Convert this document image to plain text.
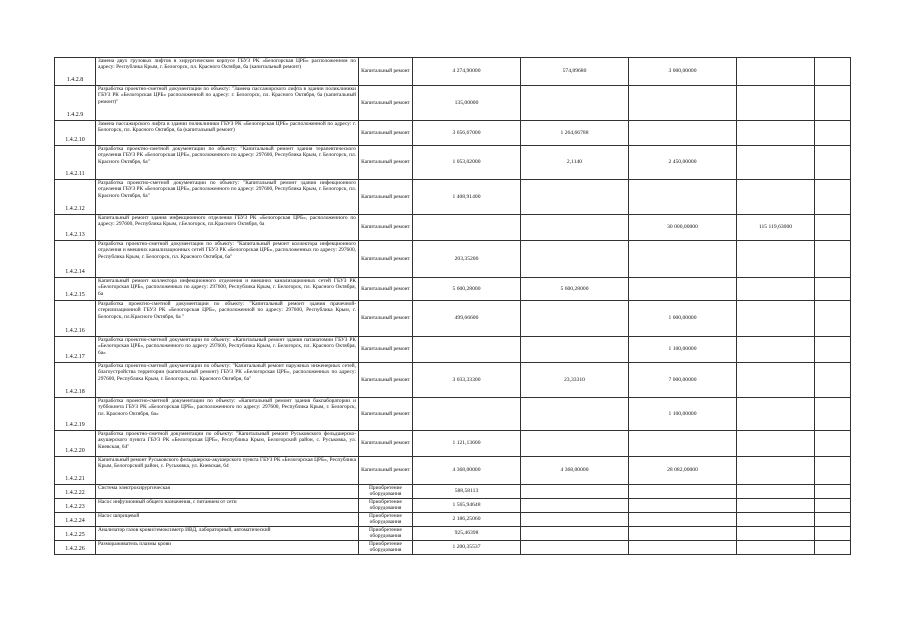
1.4.2.8	Замена двух грузовых лифтов в хирургическом корпусе ГБУЗ РК «Белогорская ЦРБ» расположенном по адресу: Республика Крым, г. Белогорск, пл. Красного Октября, ба (капитальный ремонт)	Капитальный ремонт	4 274,90000	574,89680	3 000,00000		
1.4.2.9	Разработка проектно-сметной документации по объекту: "Замена пассажирского лифта в здании поликлиники ГБУЗ РК «Белогорская ЦРБ» расположенной по адресу: г. Белогорск, пл. Красного Октября, 6а (капитальный ремонт)"	Капитальный ремонт	135,00000				
1.4.2.10	Замена пассажирского лифта в здании поликлиники ГБУЗ РК «Белогорская ЦРБ» расположенной по адресу: г. Белогорск, пл. Красного Октября, 6а (капитальный ремонт)	Капитальный ремонт	3 656,67000	1 264,66788			
1.4.2.11	Разработка проектно-сметной документации по объекту: "Капитальный ремонт здания терапевтического отделения ГБУЗ РК «Белогорская ЦРБ», расположенного по адресу: 297600, Республика Крым, г. Белогорск, пл. Красного Октября, 6а"	Капитальный ремонт	1 053,02000	2,1140	2 450,00000		
1.4.2.12	Разработка проектно-сметной документации по объекту: "Капитальный ремонт здания инфекционного отделения ГБУЗ РК «Белогорская ЦРБ», расположенного по адресу: 297600, Республика Крым, г. Белогорск, пл. Красного Октября, 6а"	Капитальный ремонт	1 408,91400				
1.4.2.13	Капитальный ремонт здания инфекционного отделения ГБУЗ РК «Белогорская ЦРБ», расположенного по адресу: 297600, Республика Крым, г.Белогорск, пл.Красного Октября, 6а	Капитальный ремонт			30 000,00000	115 119,63000	
1.4.2.14	Разработка проектно-сметной документации по объекту: "Капитальный ремонт коллектора инфекционного отделения и внешних канализационных сетей ГБУЗ РК «Белогорская ЦРБ», расположенных по адресу: 297600, Республика Крым, г. Белогорск, пл. Красного Октября, 6а"	Капитальный ремонт	203,35200				
1.4.2.15	Капитальный ремонт коллектора инфекционного отделения и внешних канализационных сетей ГБУЗ РК «Белогорская ЦРБ», расположенных по адресу: 297600, Республика Крым, г. Белогорск, пл. Красного Октября, 6а	Капитальный ремонт	5 600,28000	5 600,28000			
1.4.2.16	Разработка проектно-сметной документации по объекту: "Капитальный ремонт здания прачечной-стерилизационной ГБУЗ РК «Белогорская ЦРБ», расположенной по адресу: 297600, Республика Крым, г. Белогорск, пл.Красного Октября, 6а "	Капитальный ремонт	499,66600		1 000,00000		
1.4.2.17	Разработка проектно-сметной документации по объекту: «Капитальный ремонт здания патанатомии ГБУЗ РК «Белогорская ЦРБ», расположенного по адресу 297600, Республика Крым, г. Белогорск, пл. Красного Октября, 6а»	Капитальный ремонт			1 100,00000		
1.4.2.18	Разработка проектно-сметной документации по объекту: "Капитальный ремонт наружных инженерных сетей, благоустройства территории (капитальный ремонт) ГБУЗ РК «Белогорская ЦРБ», расположенных по адресу: 297600, Республика Крым, г. Белогорск, пл. Красного Октября, 6а"	Капитальный ремонт	3 033,33300	23,33310	7 000,00000		
1.4.2.19	Разработка проектно-сметной документации по объекту: «Капитальный ремонт здания бакпаборатории и туббокнета ГБУЗ РК «Белогорская ЦРБ», расположенного по адресу: 297600, Республика Крым, г. Белогорск, пл. Красного Октября, 6а»	Капитальный ремонт			1 100,00000		
1.4.2.20	Разработка проектно-сметной документации по объекту: "Капитальный ремонт Руськовского фельдшерско-акушерского пункта ГБУЗ РК «Белогорская ЦРБ», Республика Крым, Белогорский район, с. Руськовка, ул. Киевская, 64"	Капитальный ремонт	1 121,13600				
1.4.2.21	Капитальный ремонт Руськовского фельдшерско-акушерского пункта ГБУЗ РК «Белогорская ЦРБ», Республика Крым, Белогорский район, с. Руськовка, ул. Киевская, 64	Капитальный ремонт	4 368,00000	4 368,00000	28 082,00000		
1.4.2.22	Система электрохирургическая	Приобретение оборудования	588,58113				
1.4.2.23	Насос инфузионный общего назначения, с питанием от сети	Приобретение оборудования	1 565,94648				
1.4.2.24	Насос шприцевой	Приобретение оборудования	2 186,25060				
1.4.2.25	Анализатор газов крови/гемоксиметр ИВД, лабораторный, автоматический	Приобретение оборудования	925,46398				
1.4.2.26	Размораживатель плазмы крови	Приобретение оборудования	1 200,35537				
